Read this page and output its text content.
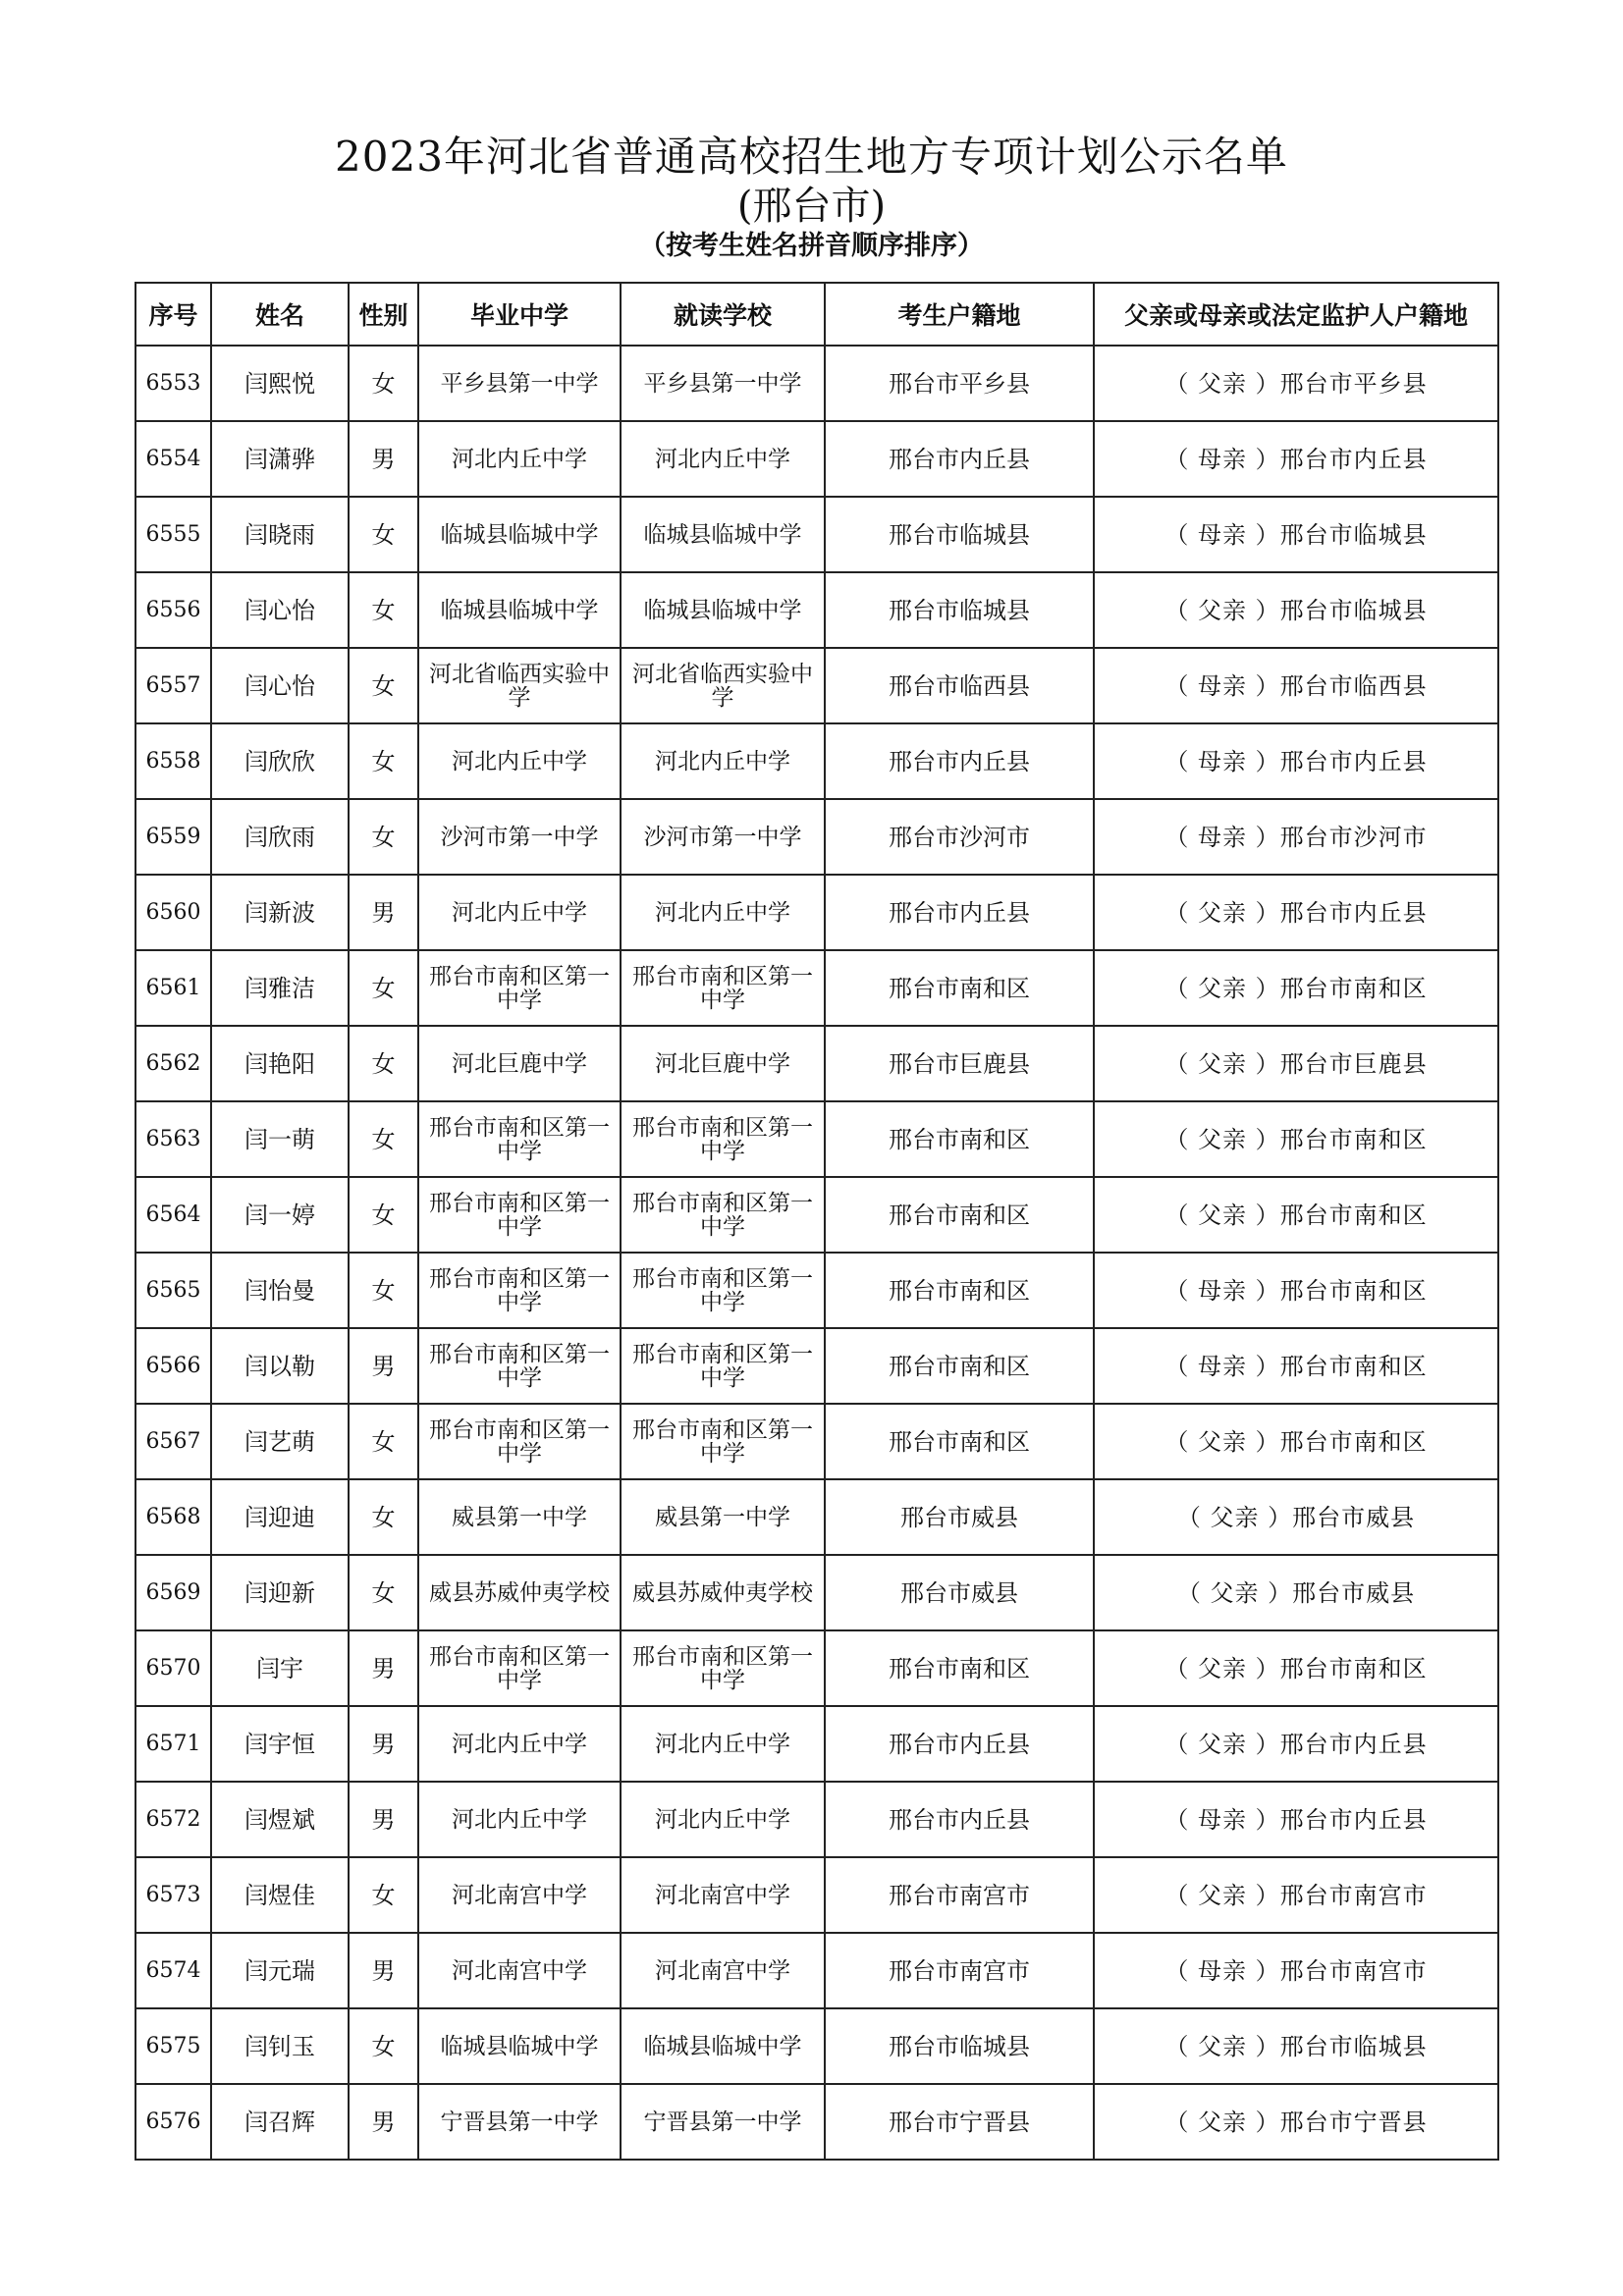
2023年河北省普通高校招生地方专项计划公示名单
(邢台市)
（按考生姓名拼音顺序排序）
序号	姓名	性别	毕业中学	就读学校	考生户籍地	父亲或母亲或法定监护人户籍地
6553	闫熙悦	女	平乡县第一中学	平乡县第一中学	邢台市平乡县	（ 父亲 ）邢台市平乡县
6554	闫潇骅	男	河北内丘中学	河北内丘中学	邢台市内丘县	（ 母亲 ）邢台市内丘县
6555	闫晓雨	女	临城县临城中学	临城县临城中学	邢台市临城县	（ 母亲 ）邢台市临城县
6556	闫心怡	女	临城县临城中学	临城县临城中学	邢台市临城县	（ 父亲 ）邢台市临城县
6557	闫心怡	女	河北省临西实验中学	河北省临西实验中学	邢台市临西县	（ 母亲 ）邢台市临西县
6558	闫欣欣	女	河北内丘中学	河北内丘中学	邢台市内丘县	（ 母亲 ）邢台市内丘县
6559	闫欣雨	女	沙河市第一中学	沙河市第一中学	邢台市沙河市	（ 母亲 ）邢台市沙河市
6560	闫新波	男	河北内丘中学	河北内丘中学	邢台市内丘县	（ 父亲 ）邢台市内丘县
6561	闫雅洁	女	邢台市南和区第一中学	邢台市南和区第一中学	邢台市南和区	（ 父亲 ）邢台市南和区
6562	闫艳阳	女	河北巨鹿中学	河北巨鹿中学	邢台市巨鹿县	（ 父亲 ）邢台市巨鹿县
6563	闫一萌	女	邢台市南和区第一中学	邢台市南和区第一中学	邢台市南和区	（ 父亲 ）邢台市南和区
6564	闫一婷	女	邢台市南和区第一中学	邢台市南和区第一中学	邢台市南和区	（ 父亲 ）邢台市南和区
6565	闫怡曼	女	邢台市南和区第一中学	邢台市南和区第一中学	邢台市南和区	（ 母亲 ）邢台市南和区
6566	闫以勒	男	邢台市南和区第一中学	邢台市南和区第一中学	邢台市南和区	（ 母亲 ）邢台市南和区
6567	闫艺萌	女	邢台市南和区第一中学	邢台市南和区第一中学	邢台市南和区	（ 父亲 ）邢台市南和区
6568	闫迎迪	女	威县第一中学	威县第一中学	邢台市威县	（ 父亲 ）邢台市威县
6569	闫迎新	女	威县苏威仲夷学校	威县苏威仲夷学校	邢台市威县	（ 父亲 ）邢台市威县
6570	闫宇	男	邢台市南和区第一中学	邢台市南和区第一中学	邢台市南和区	（ 父亲 ）邢台市南和区
6571	闫宇恒	男	河北内丘中学	河北内丘中学	邢台市内丘县	（ 父亲 ）邢台市内丘县
6572	闫煜斌	男	河北内丘中学	河北内丘中学	邢台市内丘县	（ 母亲 ）邢台市内丘县
6573	闫煜佳	女	河北南宫中学	河北南宫中学	邢台市南宫市	（ 父亲 ）邢台市南宫市
6574	闫元瑞	男	河北南宫中学	河北南宫中学	邢台市南宫市	（ 母亲 ）邢台市南宫市
6575	闫钊玉	女	临城县临城中学	临城县临城中学	邢台市临城县	（ 父亲 ）邢台市临城县
6576	闫召辉	男	宁晋县第一中学	宁晋县第一中学	邢台市宁晋县	（ 父亲 ）邢台市宁晋县
